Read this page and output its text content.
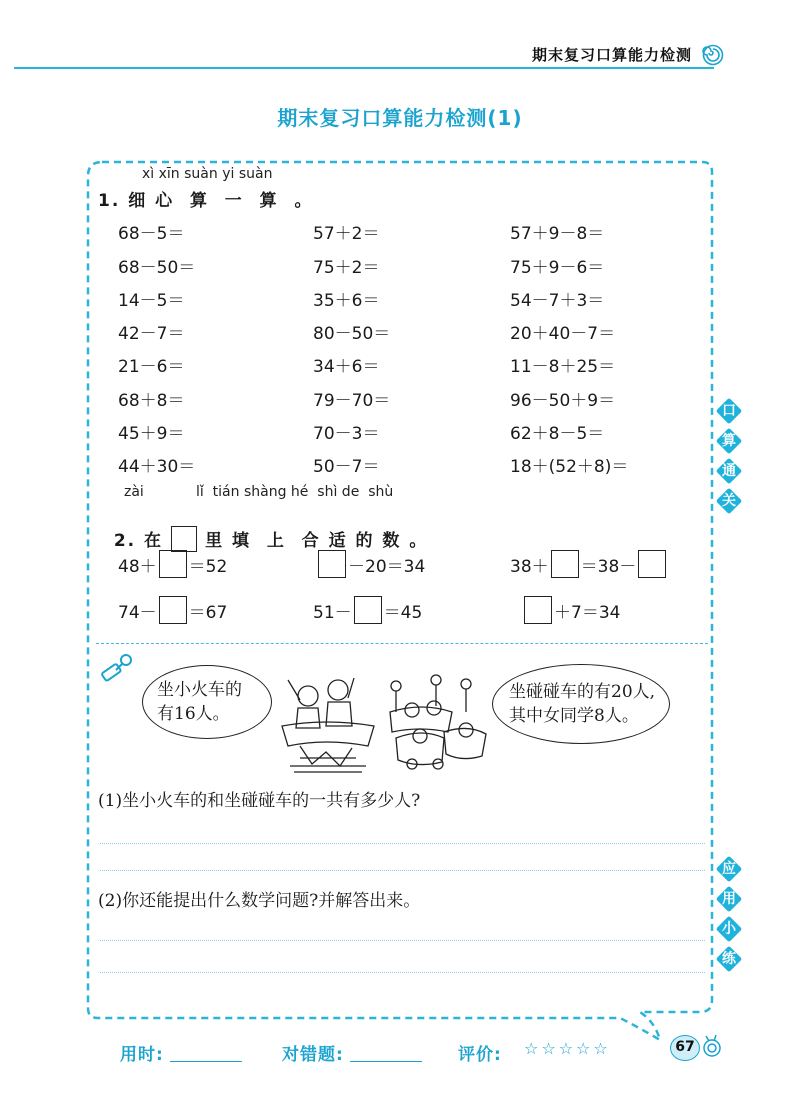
期末复习口算能力检测
期末复习口算能力检测(1)
xì xīn suàn yi suàn
1. 细 心  算  一  算  。
68－5＝	57＋2＝	57＋9－8＝
68－50＝	75＋2＝	75＋9－6＝
14－5＝	35＋6＝	54－7＋3＝
42－7＝	80－50＝	20＋40－7＝
21－6＝	34＋6＝	11－8＋25＝
68＋8＝	79－70＝	96－50＋9＝
45＋9＝	70－3＝	62＋8－5＝
44＋30＝	50－7＝	18＋(52＋8)＝
zài	lǐ  tián shàng hé  shì de  shù

2. 在 里 填  上  合 适 的 数 。

48＋ ＝52	－20＝34	38＋ ＝38－
74－ ＝67	51－ ＝45	＋7＝34
坐小火车的
有16人。
坐碰碰车的有20人,
其中女同学8人。
(1)坐小火车的和坐碰碰车的一共有多少人?
(2)你还能提出什么数学问题?并解答出来。
口
算
通
关
应
用
小
练
用时:	对错题:	评价: ☆☆☆☆☆	67
